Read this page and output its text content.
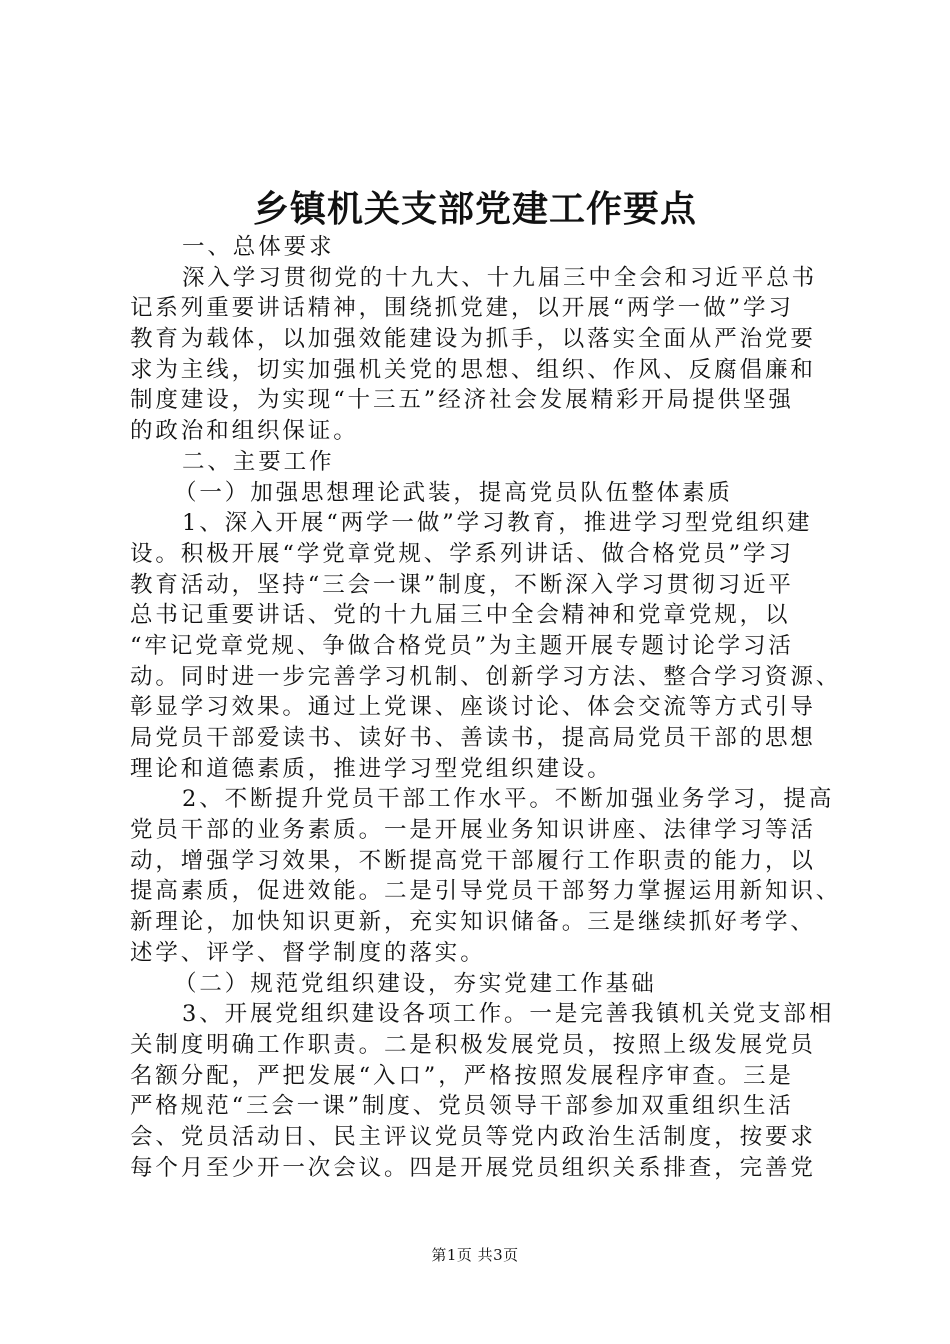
乡镇机关支部党建工作要点
一、总体要求
深入学习贯彻党的十九大、十九届三中全会和习近平总书
记系列重要讲话精神，围绕抓党建，以开展“两学一做”学习
教育为载体，以加强效能建设为抓手，以落实全面从严治党要
求为主线，切实加强机关党的思想、组织、作风、反腐倡廉和
制度建设，为实现“十三五”经济社会发展精彩开局提供坚强
的政治和组织保证。
二、主要工作
（一）加强思想理论武装，提高党员队伍整体素质
1、深入开展“两学一做”学习教育，推进学习型党组织建
设。积极开展“学党章党规、学系列讲话、做合格党员”学习
教育活动，坚持“三会一课”制度，不断深入学习贯彻习近平
总书记重要讲话、党的十九届三中全会精神和党章党规，以
“牢记党章党规、争做合格党员”为主题开展专题讨论学习活
动。同时进一步完善学习机制、创新学习方法、整合学习资源、
彰显学习效果。通过上党课、座谈讨论、体会交流等方式引导
局党员干部爱读书、读好书、善读书，提高局党员干部的思想
理论和道德素质，推进学习型党组织建设。
2、不断提升党员干部工作水平。不断加强业务学习，提高
党员干部的业务素质。一是开展业务知识讲座、法律学习等活
动，增强学习效果，不断提高党干部履行工作职责的能力，以
提高素质，促进效能。二是引导党员干部努力掌握运用新知识、
新理论，加快知识更新，充实知识储备。三是继续抓好考学、
述学、评学、督学制度的落实。
（二）规范党组织建设，夯实党建工作基础
3、开展党组织建设各项工作。一是完善我镇机关党支部相
关制度明确工作职责。二是积极发展党员，按照上级发展党员
名额分配，严把发展“入口”，严格按照发展程序审查。三是
严格规范“三会一课”制度、党员领导干部参加双重组织生活
会、党员活动日、民主评议党员等党内政治生活制度，按要求
每个月至少开一次会议。四是开展党员组织关系排查，完善党
第1页 共3页
